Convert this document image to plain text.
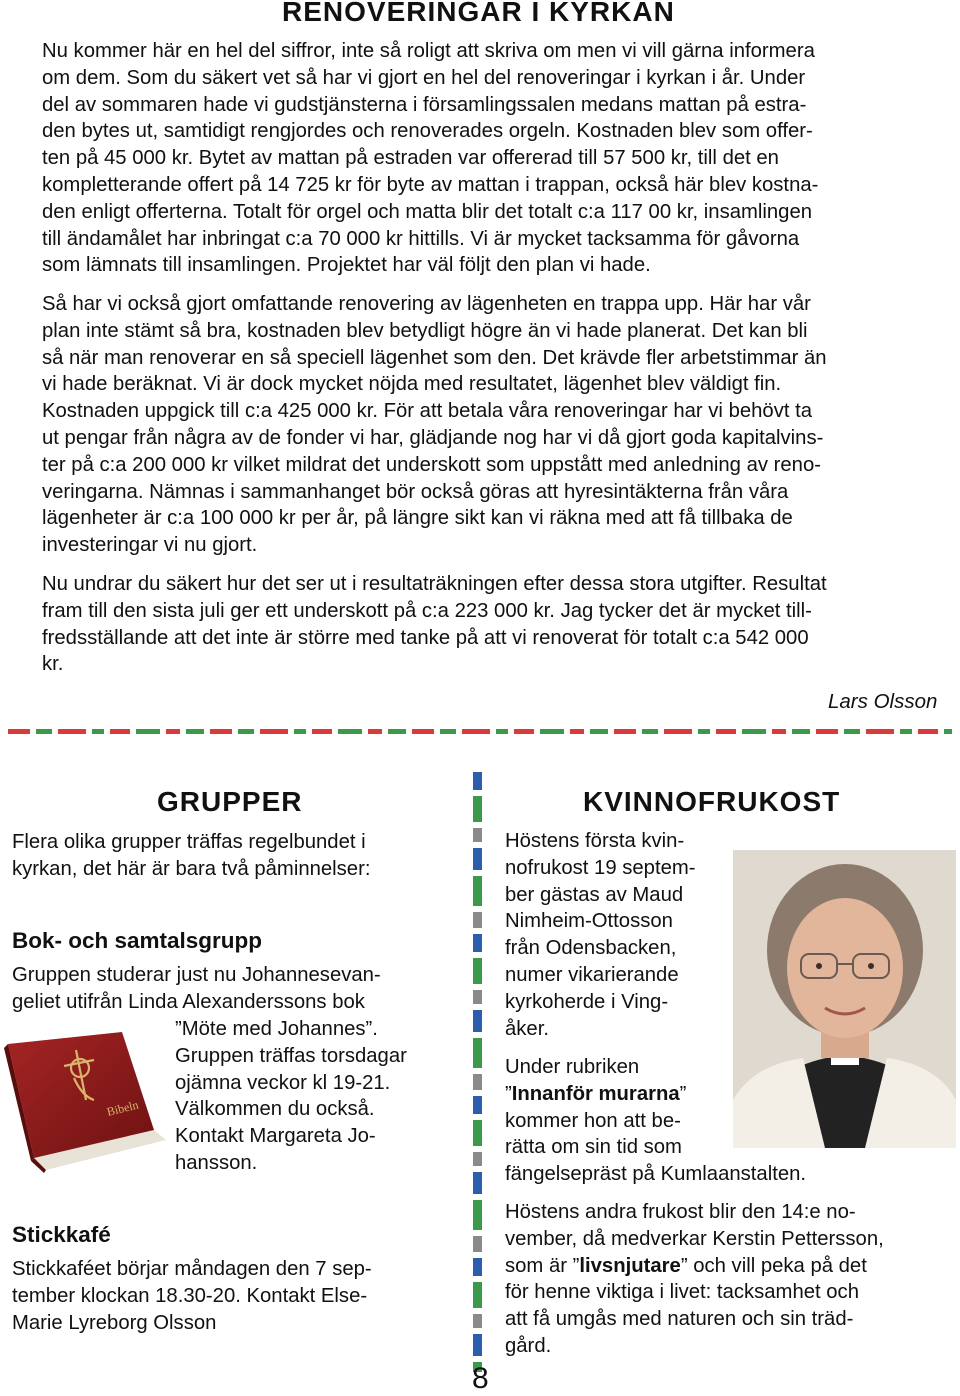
RENOVERINGAR I KYRKAN
Nu kommer här en hel del siffror, inte så roligt att skriva om men vi vill gärna informera
om dem. Som du säkert vet så har vi gjort en hel del renoveringar i kyrkan i år. Under
del av sommaren hade vi gudstjänsterna i församlingssalen medans mattan på estra-
den bytes ut, samtidigt rengjordes och renoverades orgeln. Kostnaden blev som offer-
ten på 45 000 kr. Bytet av mattan på estraden var offererad till 57 500 kr, till det en
kompletterande offert på 14 725 kr för byte av mattan i trappan, också här blev kostna-
den enligt offerterna. Totalt för orgel och matta blir det totalt c:a 117 00 kr, insamlingen
till ändamålet har inbringat c:a 70 000 kr hittills. Vi är mycket tacksamma för gåvorna
som lämnats till insamlingen. Projektet har väl följt den plan vi hade.
Så har vi också gjort omfattande renovering av lägenheten en trappa upp. Här har vår
plan inte stämt så bra, kostnaden blev betydligt högre än vi hade planerat. Det kan bli
så när man renoverar en så speciell lägenhet som den. Det krävde fler arbetstimmar än
vi hade beräknat. Vi är dock mycket nöjda med resultatet, lägenhet blev väldigt fin.
Kostnaden uppgick till c:a 425 000 kr. För att betala våra renoveringar har vi behövt ta
ut pengar från några av de fonder vi har, glädjande nog har vi då gjort goda kapitalvins-
ter på c:a 200 000 kr vilket mildrat det underskott som uppstått med anledning av reno-
veringarna. Nämnas i sammanhanget bör också göras att hyresintäkterna från våra
lägenheter är c:a 100 000 kr per år, på längre sikt kan vi räkna med att få tillbaka de
investeringar vi nu gjort.
Nu undrar du säkert hur det ser ut i resultaträkningen efter dessa stora utgifter. Resultat
fram till den sista juli ger ett underskott på c:a 223 000 kr. Jag tycker det är mycket till-
fredsställande att det inte är större med tanke på att vi renoverat för totalt c:a 542 000
kr.
Lars Olsson
GRUPPER
Flera olika grupper träffas regelbundet i
kyrkan, det här är bara två påminnelser:
Bok- och samtalsgrupp
Gruppen studerar just nu Johannesevan-
geliet utifrån Linda Alexanderssons bok
”Möte med Johannes”.
Gruppen träffas torsdagar
ojämna veckor kl 19-21.
Välkommen du också.
Kontakt Margareta Jo-
hansson.
Bibeln
Stickkafé
Stickkaféet börjar måndagen den 7 sep-
tember klockan 18.30-20. Kontakt Else-
Marie Lyreborg Olsson
8
KVINNOFRUKOST
Höstens första kvin-
nofrukost 19 septem-
ber gästas av Maud
Nimheim-Ottosson
från Odensbacken,
numer vikarierande
kyrkoherde i Ving-
åker.
Under rubriken
”Innanför murarna”
kommer hon att be-
rätta om sin tid som
fängelsepräst på Kumlaanstalten.
Höstens andra frukost blir den 14:e no-
vember, då medverkar Kerstin Pettersson,
som är ”livsnjutare” och vill peka på det
för henne viktiga i livet: tacksamhet och
att få umgås med naturen och sin träd-
gård.
